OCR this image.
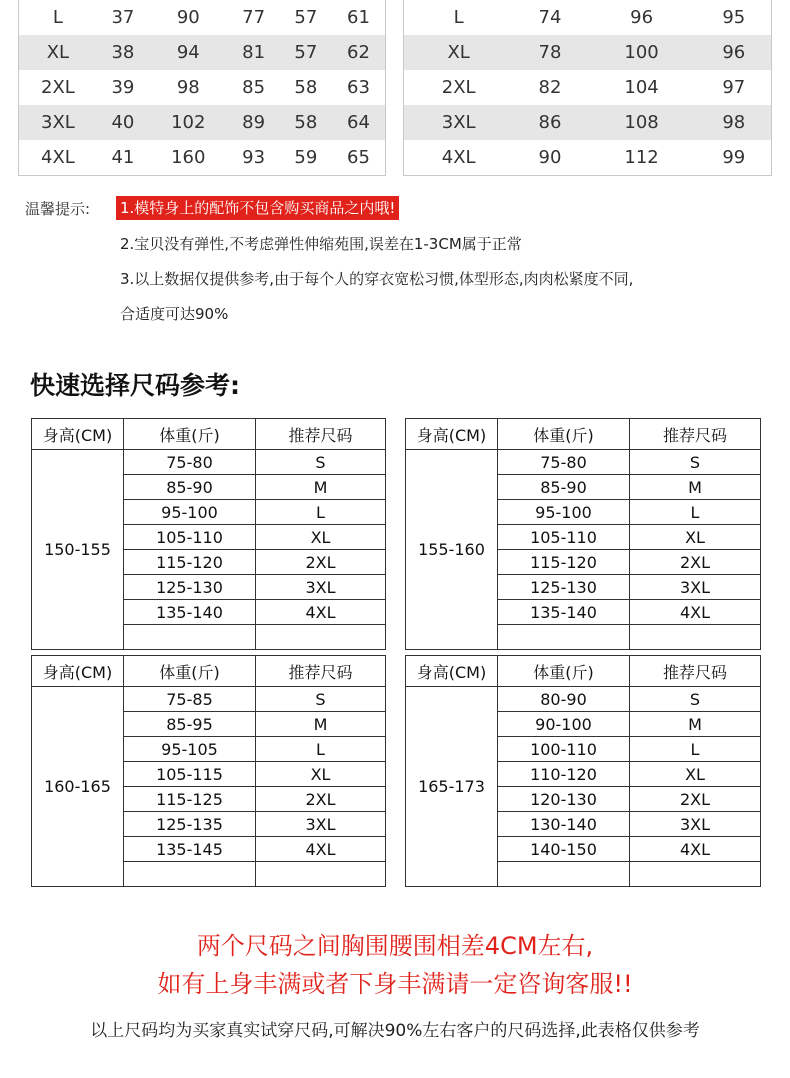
L	37	90	77	57	61
XL	38	94	81	57	62
2XL	39	98	85	58	63
3XL	40	102	89	58	64
4XL	41	160	93	59	65
L	74	96	95
XL	78	100	96
2XL	82	104	97
3XL	86	108	98
4XL	90	112	99
温馨提示: 1.模特身上的配饰不包含购买商品之内哦!
2.宝贝没有弹性,不考虑弹性伸缩苑围,误差在1-3CM属于正常
3.以上数据仅提供参考,由于每个人的穿衣宽松习惯,体型形态,肉肉松紧度不同,
合适度可达90%
快速选择尺码参考:
身高(CM)	体重(斤)	推荐尺码
150-155	75-80	S
	85-90	M
	95-100	L
	105-110	XL
	115-120	2XL
	125-130	3XL
	135-140	4XL

身高(CM)	体重(斤)	推荐尺码
155-160	75-80	S
	85-90	M
	95-100	L
	105-110	XL
	115-120	2XL
	125-130	3XL
	135-140	4XL

身高(CM)	体重(斤)	推荐尺码
160-165	75-85	S
	85-95	M
	95-105	L
	105-115	XL
	115-125	2XL
	125-135	3XL
	135-145	4XL

身高(CM)	体重(斤)	推荐尺码
165-173	80-90	S
	90-100	M
	100-110	L
	110-120	XL
	120-130	2XL
	130-140	3XL
	140-150	4XL

两个尺码之间胸围腰围相差4CM左右,
如有上身丰满或者下身丰满请一定咨询客服!!
以上尺码均为买家真实试穿尺码,可解决90%左右客户的尺码选择,此表格仅供参考
